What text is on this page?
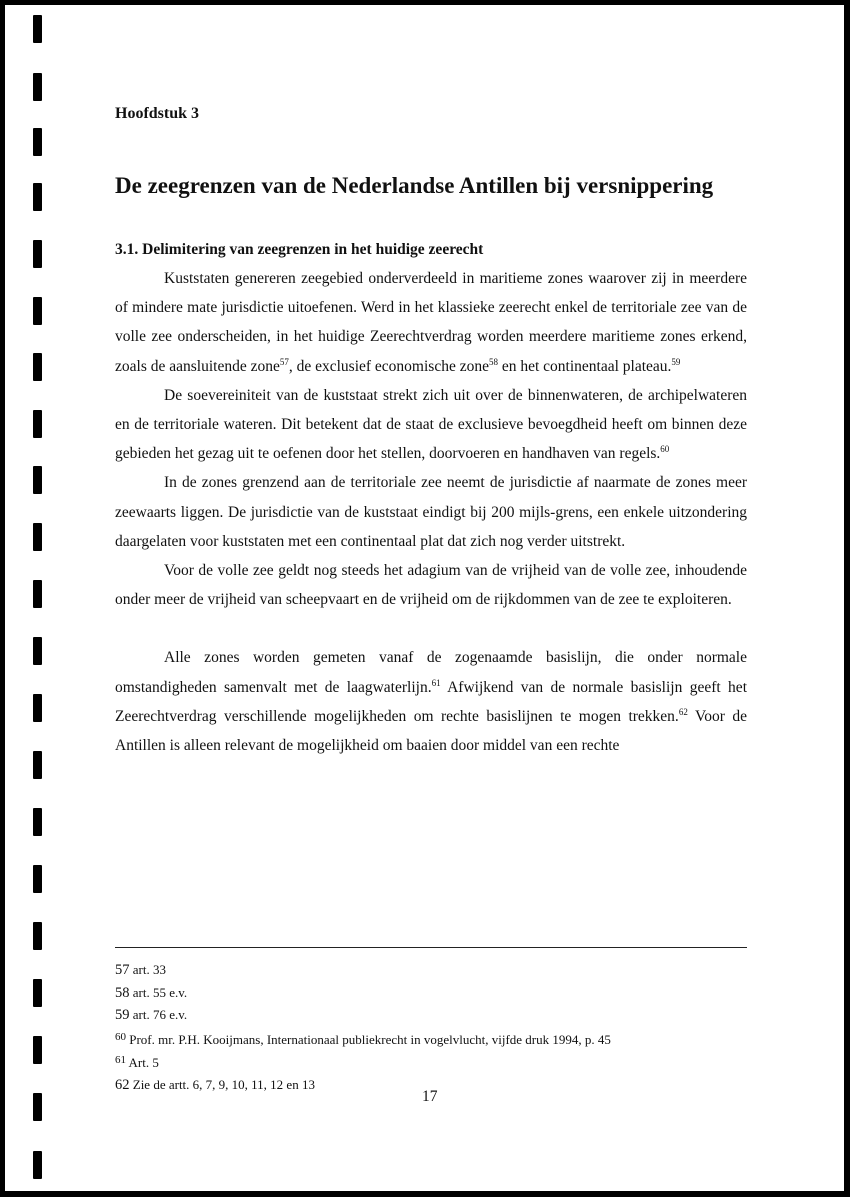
Hoofdstuk 3
De zeegrenzen van de Nederlandse Antillen bij versnippering
3.1. Delimitering van zeegrenzen in het huidige zeerecht

Kuststaten genereren zeegebied onderverdeeld in maritieme zones waarover zij in meerdere of mindere mate jurisdictie uitoefenen. Werd in het klassieke zeerecht enkel de territoriale zee van de volle zee onderscheiden, in het huidige Zeerechtverdrag worden meerdere maritieme zones erkend, zoals de aansluitende zone$^{57}$, de exclusief economische zone$^{58}$ en het continentaal plateau.$^{59}$

De soevereiniteit van de kuststaat strekt zich uit over de binnenwateren, de archipelwateren en de territoriale wateren. Dit betekent dat de staat de exclusieve bevoegdheid heeft om binnen deze gebieden het gezag uit te oefenen door het stellen, doorvoeren en handhaven van regels.$^{60}$

In de zones grenzend aan de territoriale zee neemt de jurisdictie af naarmate de zones meer zeewaarts liggen. De jurisdictie van de kuststaat eindigt bij 200 mijls-grens, een enkele uitzondering daargelaten voor kuststaten met een continentaal plat dat zich nog verder uitstrekt.

Voor de volle zee geldt nog steeds het adagium van de vrijheid van de volle zee, inhoudende onder meer de vrijheid van scheepvaart en de vrijheid om de rijkdommen van de zee te exploiteren.

Alle zones worden gemeten vanaf de zogenaamde basislijn, die onder normale omstandigheden samenvalt met de laagwaterlijn.$^{61}$ Afwijkend van de normale basislijn geeft het Zeerechtverdrag verschillende mogelijkheden om rechte basislijnen te mogen trekken.$^{62}$ Voor de Antillen is alleen relevant de mogelijkheid om baaien door middel van een rechte

57 art. 33
58 art. 55 e.v.
59 art. 76 e.v.
$^{60}$ Prof. mr. P.H. Kooijmans, Internationaal publiekrecht in vogelvlucht, vijfde druk 1994, p. 45
$^{61}$ Art. 5
62 Zie de artt. 6, 7, 9, 10, 11, 12 en 13
17
